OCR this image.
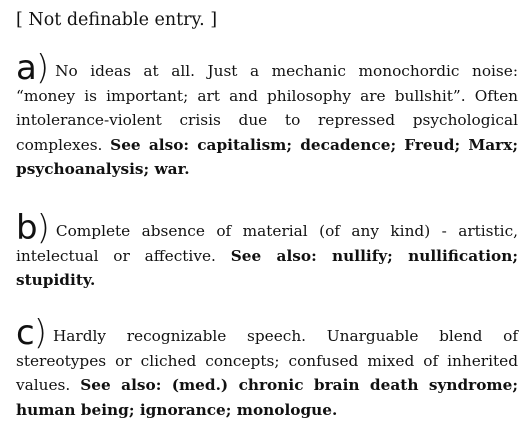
[ Not definable entry. ]

a) No ideas at all. Just a mechanic monochordic noise: “money is important; art and philosophy are bullshit”. Often intolerance-violent crisis due to repressed psychological complexes. See also: capitalism; decadence; Freud; Marx; psychoanalysis; war.

b) Complete absence of material (of any kind) - artistic, intelectual or affective. See also: nullify; nullification; stupidity.

c) Hardly recognizable speech. Unarguable blend of stereotypes or cliched concepts; confused mixed of inherited values. See also: (med.) chronic brain death syndrome; human being; ignorance; monologue.
